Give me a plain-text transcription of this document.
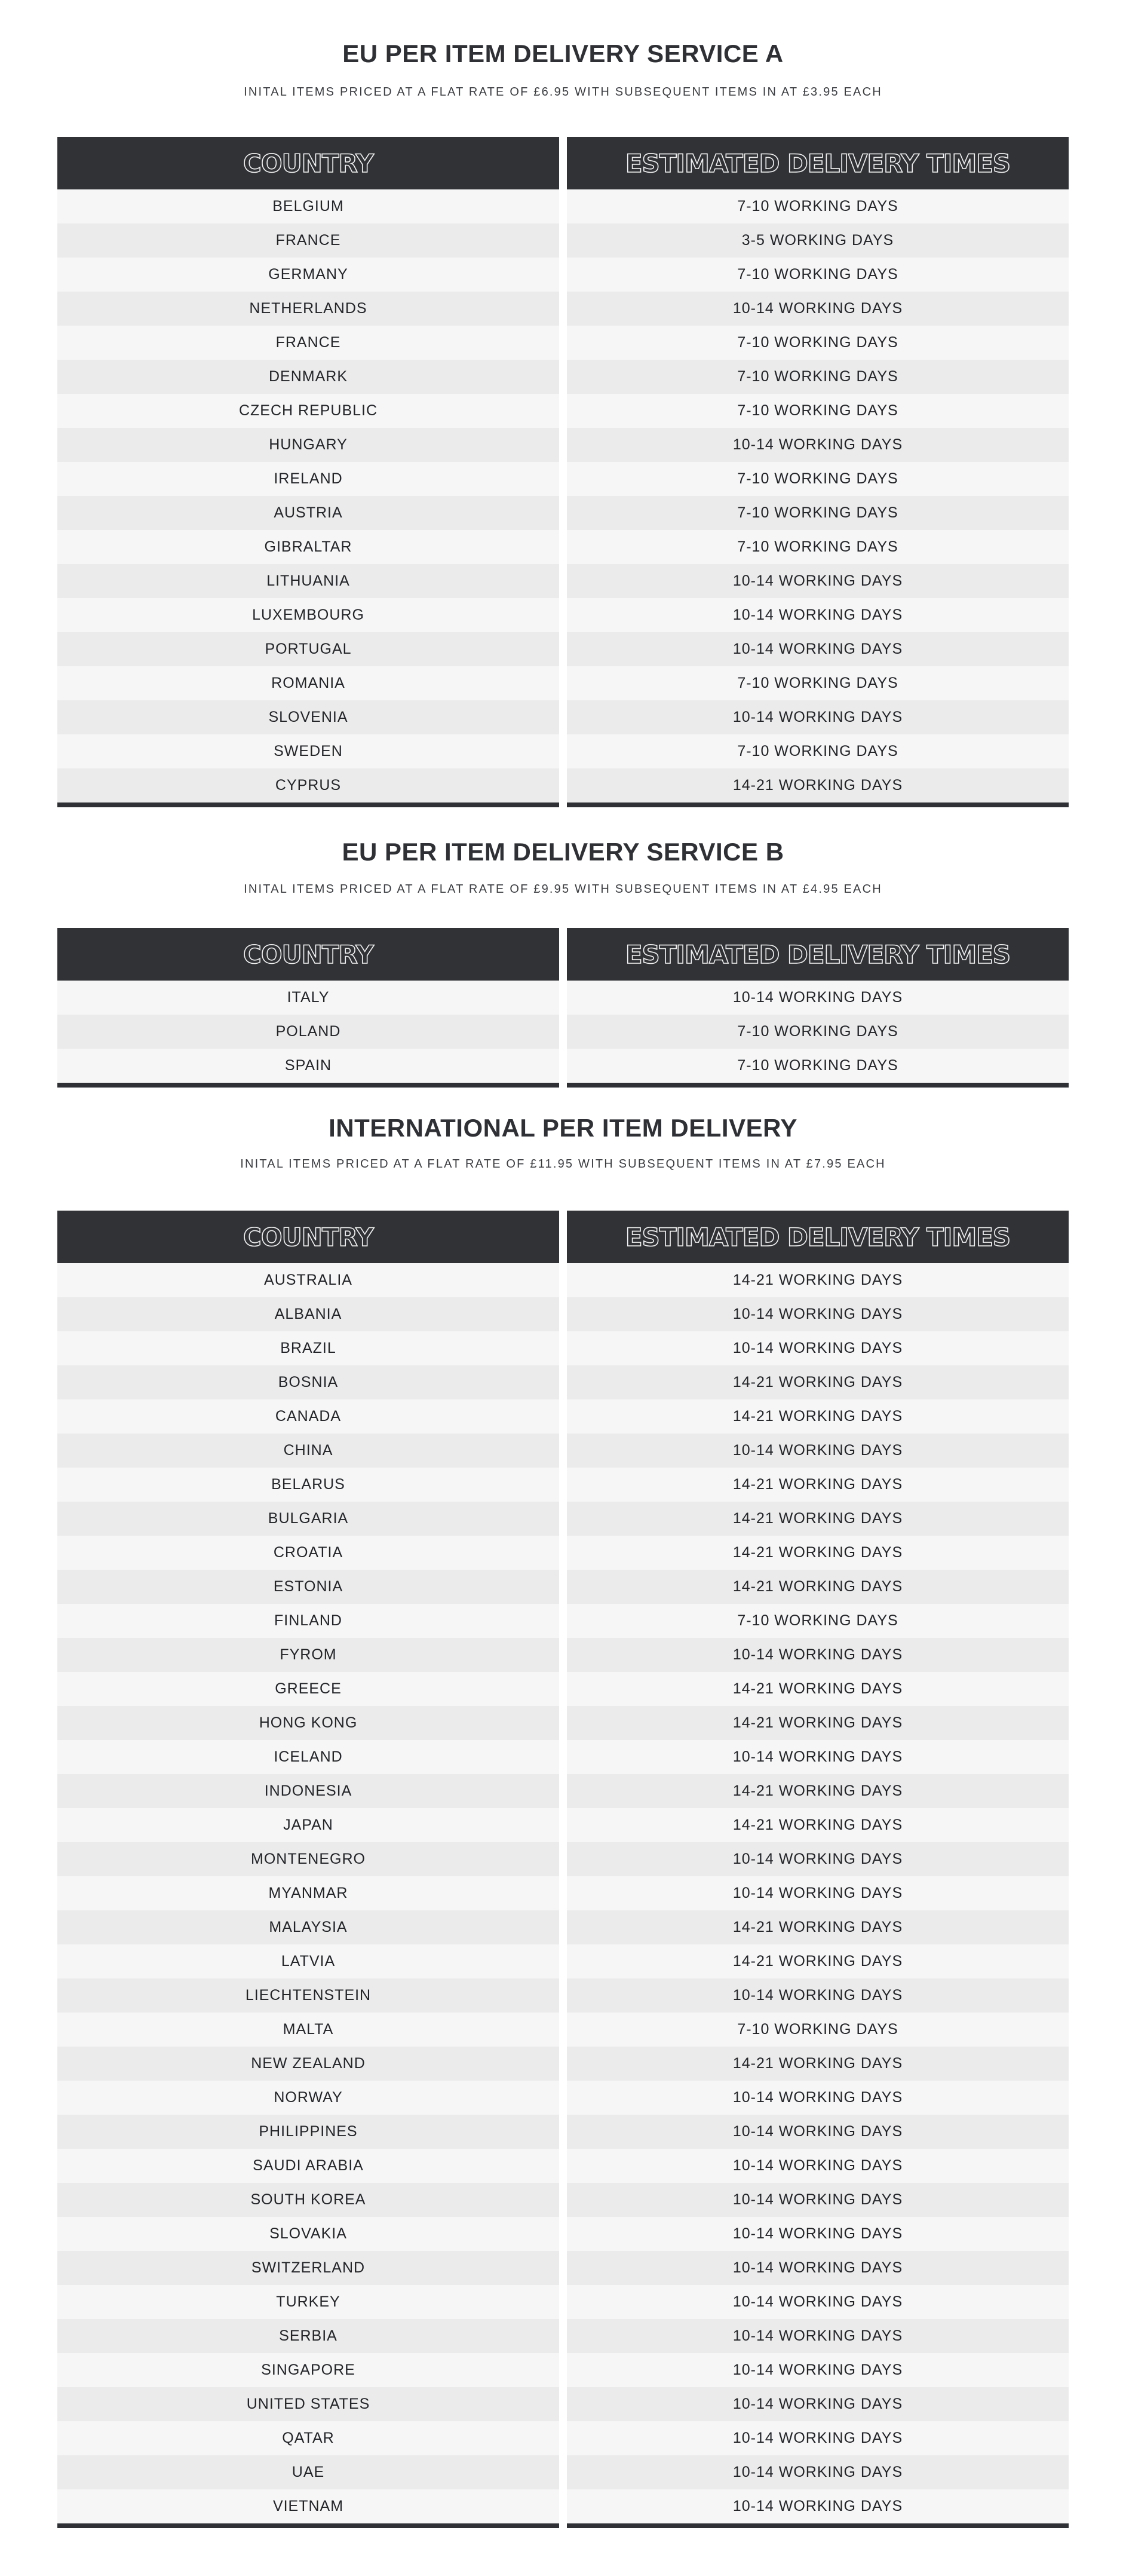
EU PER ITEM DELIVERY SERVICE A
INITAL ITEMS PRICED AT A FLAT RATE OF £6.95 WITH SUBSEQUENT ITEMS IN AT £3.95 EACH
COUNTRY
BELGIUM
FRANCE
GERMANY
NETHERLANDS
FRANCE
DENMARK
CZECH REPUBLIC
HUNGARY
IRELAND
AUSTRIA
GIBRALTAR
LITHUANIA
LUXEMBOURG
PORTUGAL
ROMANIA
SLOVENIA
SWEDEN
CYPRUS
ESTIMATED DELIVERY TIMES
7-10 WORKING DAYS
3-5 WORKING DAYS
7-10 WORKING DAYS
10-14 WORKING DAYS
7-10 WORKING DAYS
7-10 WORKING DAYS
7-10 WORKING DAYS
10-14 WORKING DAYS
7-10 WORKING DAYS
7-10 WORKING DAYS
7-10 WORKING DAYS
10-14 WORKING DAYS
10-14 WORKING DAYS
10-14 WORKING DAYS
7-10 WORKING DAYS
10-14 WORKING DAYS
7-10 WORKING DAYS
14-21 WORKING DAYS
EU PER ITEM DELIVERY SERVICE B
INITAL ITEMS PRICED AT A FLAT RATE OF £9.95 WITH SUBSEQUENT ITEMS IN AT £4.95 EACH
COUNTRY
ITALY
POLAND
SPAIN
ESTIMATED DELIVERY TIMES
10-14 WORKING DAYS
7-10 WORKING DAYS
7-10 WORKING DAYS
INTERNATIONAL PER ITEM DELIVERY
INITAL ITEMS PRICED AT A FLAT RATE OF £11.95 WITH SUBSEQUENT ITEMS IN AT £7.95 EACH
COUNTRY
AUSTRALIA
ALBANIA
BRAZIL
BOSNIA
CANADA
CHINA
BELARUS
BULGARIA
CROATIA
ESTONIA
FINLAND
FYROM
GREECE
HONG KONG
ICELAND
INDONESIA
JAPAN
MONTENEGRO
MYANMAR
MALAYSIA
LATVIA
LIECHTENSTEIN
MALTA
NEW ZEALAND
NORWAY
PHILIPPINES
SAUDI ARABIA
SOUTH KOREA
SLOVAKIA
SWITZERLAND
TURKEY
SERBIA
SINGAPORE
UNITED STATES
QATAR
UAE
VIETNAM
ESTIMATED DELIVERY TIMES
14-21 WORKING DAYS
10-14 WORKING DAYS
10-14 WORKING DAYS
14-21 WORKING DAYS
14-21 WORKING DAYS
10-14 WORKING DAYS
14-21 WORKING DAYS
14-21 WORKING DAYS
14-21 WORKING DAYS
14-21 WORKING DAYS
7-10 WORKING DAYS
10-14 WORKING DAYS
14-21 WORKING DAYS
14-21 WORKING DAYS
10-14 WORKING DAYS
14-21 WORKING DAYS
14-21 WORKING DAYS
10-14 WORKING DAYS
10-14 WORKING DAYS
14-21 WORKING DAYS
14-21 WORKING DAYS
10-14 WORKING DAYS
7-10 WORKING DAYS
14-21 WORKING DAYS
10-14 WORKING DAYS
10-14 WORKING DAYS
10-14 WORKING DAYS
10-14 WORKING DAYS
10-14 WORKING DAYS
10-14 WORKING DAYS
10-14 WORKING DAYS
10-14 WORKING DAYS
10-14 WORKING DAYS
10-14 WORKING DAYS
10-14 WORKING DAYS
10-14 WORKING DAYS
10-14 WORKING DAYS
